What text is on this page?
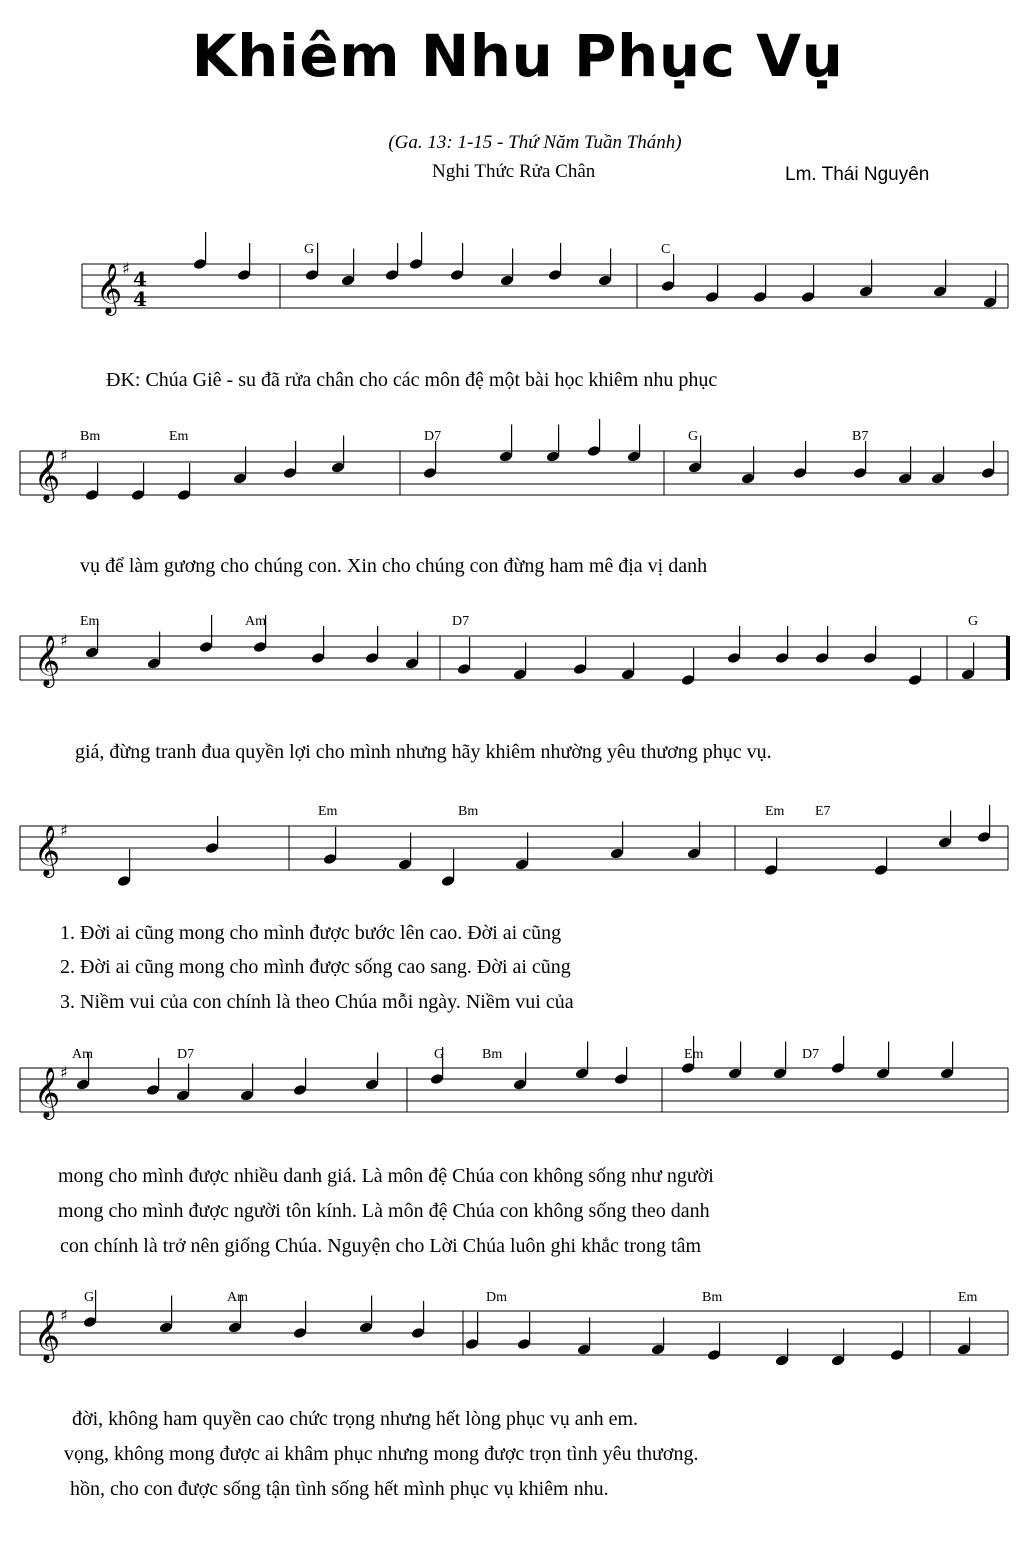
Khiêm Nhu Phục Vụ
(Ga. 13: 1-15 - Thứ Năm Tuần Thánh)
Nghi Thức Rửa Chân	Lm. Thái Nguyên
𝄞 ♯
𝄞 ♯
𝄞 ♯
𝄞 ♯
𝄞 ♯
𝄞 ♯
4
4
G	C
Bm	Em	D7	G	B7
Em	Am	D7	G
Em	Bm	Em E7
Am	D7	G	Bm	Em	D7
G	Am	Dm	Bm	Em
ĐK: Chúa Giê - su đã rửa chân cho các môn đệ một bài học khiêm nhu phục
vụ để làm gương cho chúng con. Xin cho chúng con đừng ham mê địa vị danh
giá, đừng tranh đua quyền lợi cho mình nhưng hãy khiêm nhường yêu thương phục vụ.
1. Đời ai cũng mong cho mình được bước lên cao. Đời ai cũng
2. Đời ai cũng mong cho mình được sống cao sang. Đời ai cũng
3. Niềm vui của con chính là theo Chúa mỗi ngày. Niềm vui của
mong cho mình được nhiều danh giá. Là môn đệ Chúa con không sống như người
mong cho mình được người tôn kính. Là môn đệ Chúa con không sống theo danh
con chính là trở nên giống Chúa. Nguyện cho Lời Chúa luôn ghi khắc trong tâm
đời, không ham quyền cao chức trọng nhưng hết lòng phục vụ anh em.
vọng, không mong được ai khâm phục nhưng mong được trọn tình yêu thương.
hồn, cho con được sống tận tình sống hết mình phục vụ khiêm nhu.
